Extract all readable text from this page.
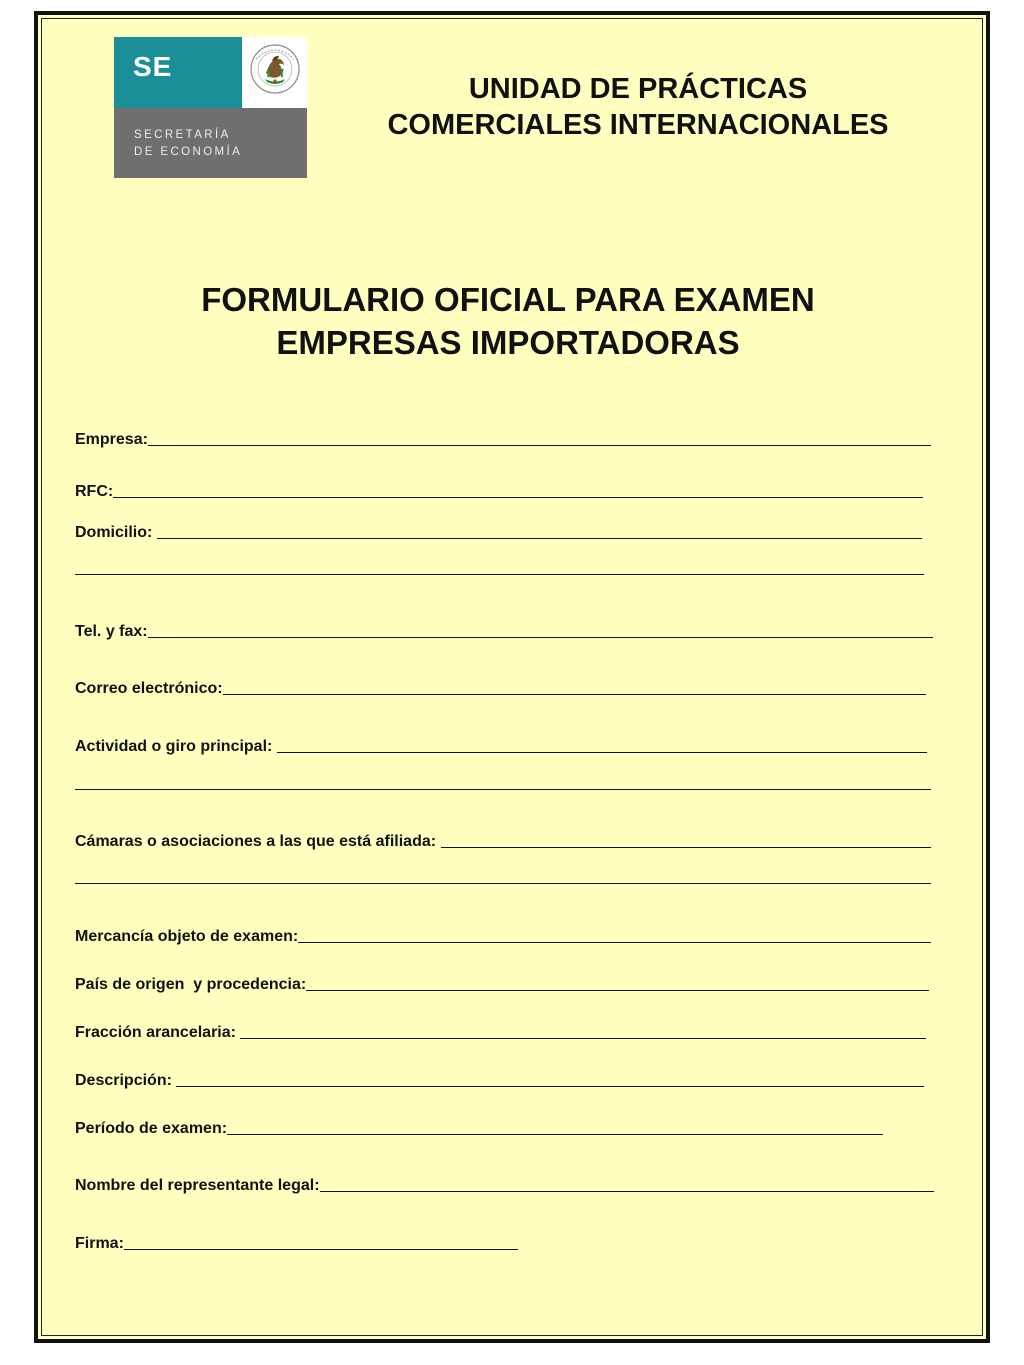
SE
SECRETARÍA
DE ECONOMÍA
UNIDAD DE PRÁCTICAS
COMERCIALES INTERNACIONALES
FORMULARIO OFICIAL PARA EXAMEN
EMPRESAS IMPORTADORAS
Empresa:
RFC:
Domicilio:
Tel. y fax:
Correo electrónico:
Actividad o giro principal:
Cámaras o asociaciones a las que está afiliada:
Mercancía objeto de examen:
País de origen  y procedencia:
Fracción arancelaria:
Descripción:
Período de examen:
Nombre del representante legal:
Firma:
